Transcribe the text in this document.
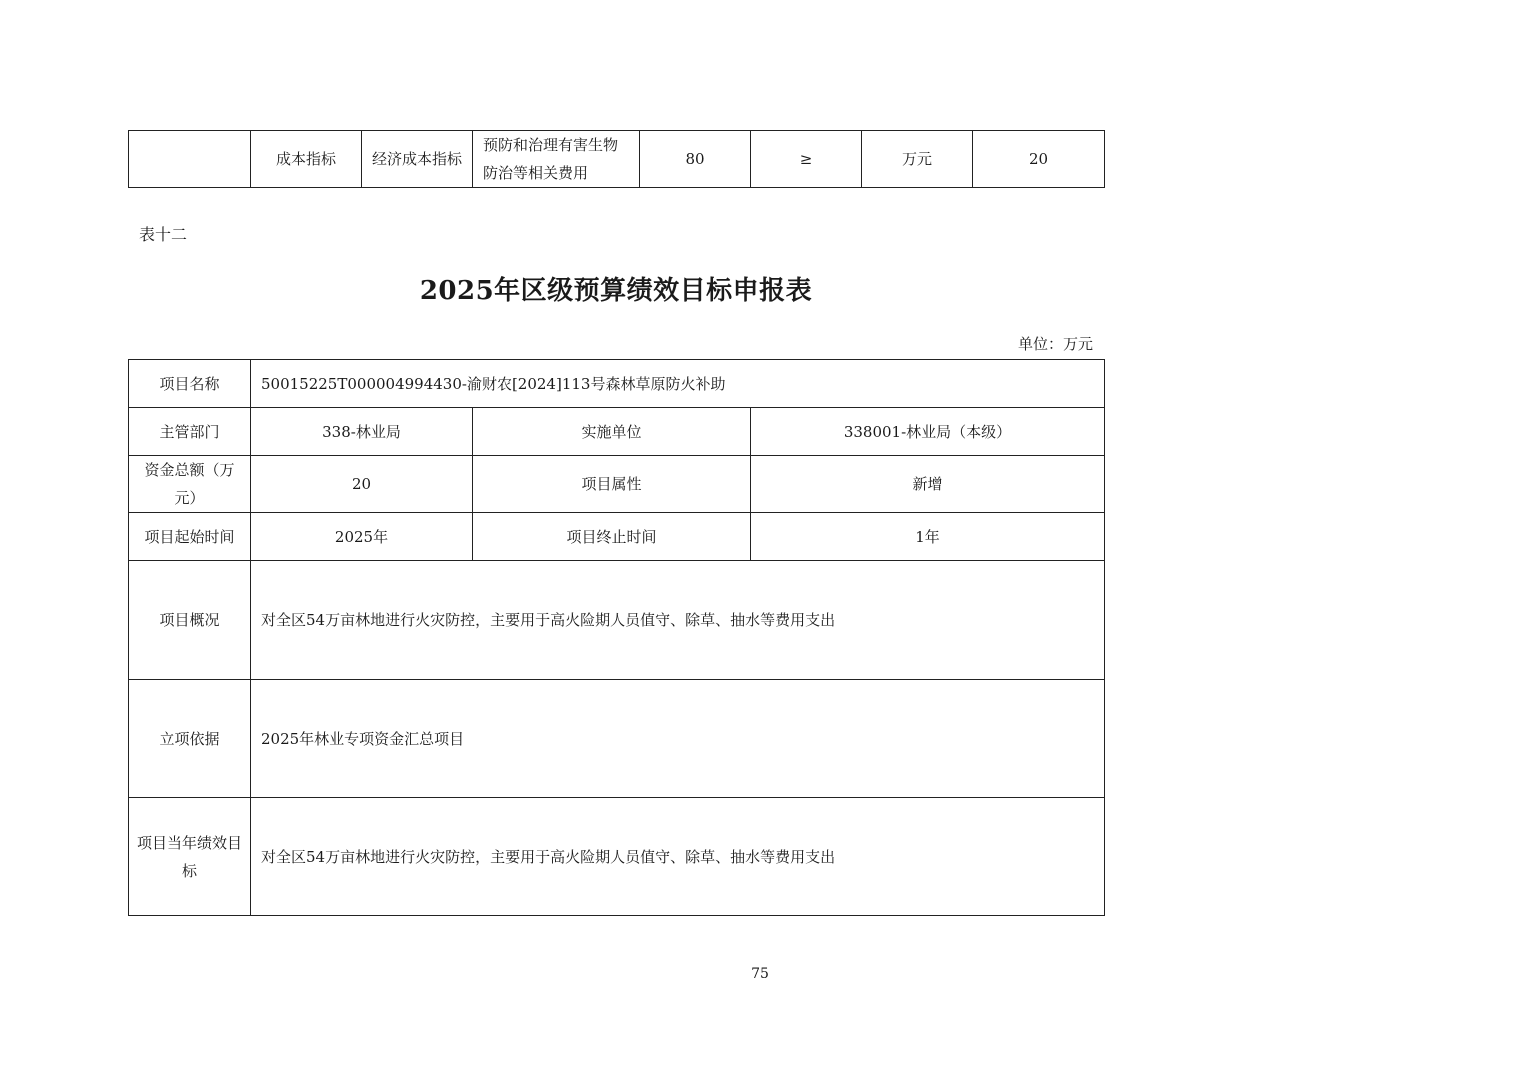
	成本指标	经济成本指标	预防和治理有害生物防治等相关费用	80	≥	万元	20
表十二
2025年区级预算绩效目标申报表
单位：万元
项目名称	50015225T000004994430-渝财农[2024]113号森林草原防火补助		
主管部门	338-林业局	实施单位	338001-林业局（本级）
资金总额（万元）	20	项目属性	新增
项目起始时间	2025年	项目终止时间	1年
项目概况	对全区54万亩林地进行火灾防控，主要用于高火险期人员值守、除草、抽水等费用支出		
立项依据	2025年林业专项资金汇总项目		
项目当年绩效目标	对全区54万亩林地进行火灾防控，主要用于高火险期人员值守、除草、抽水等费用支出		
75
